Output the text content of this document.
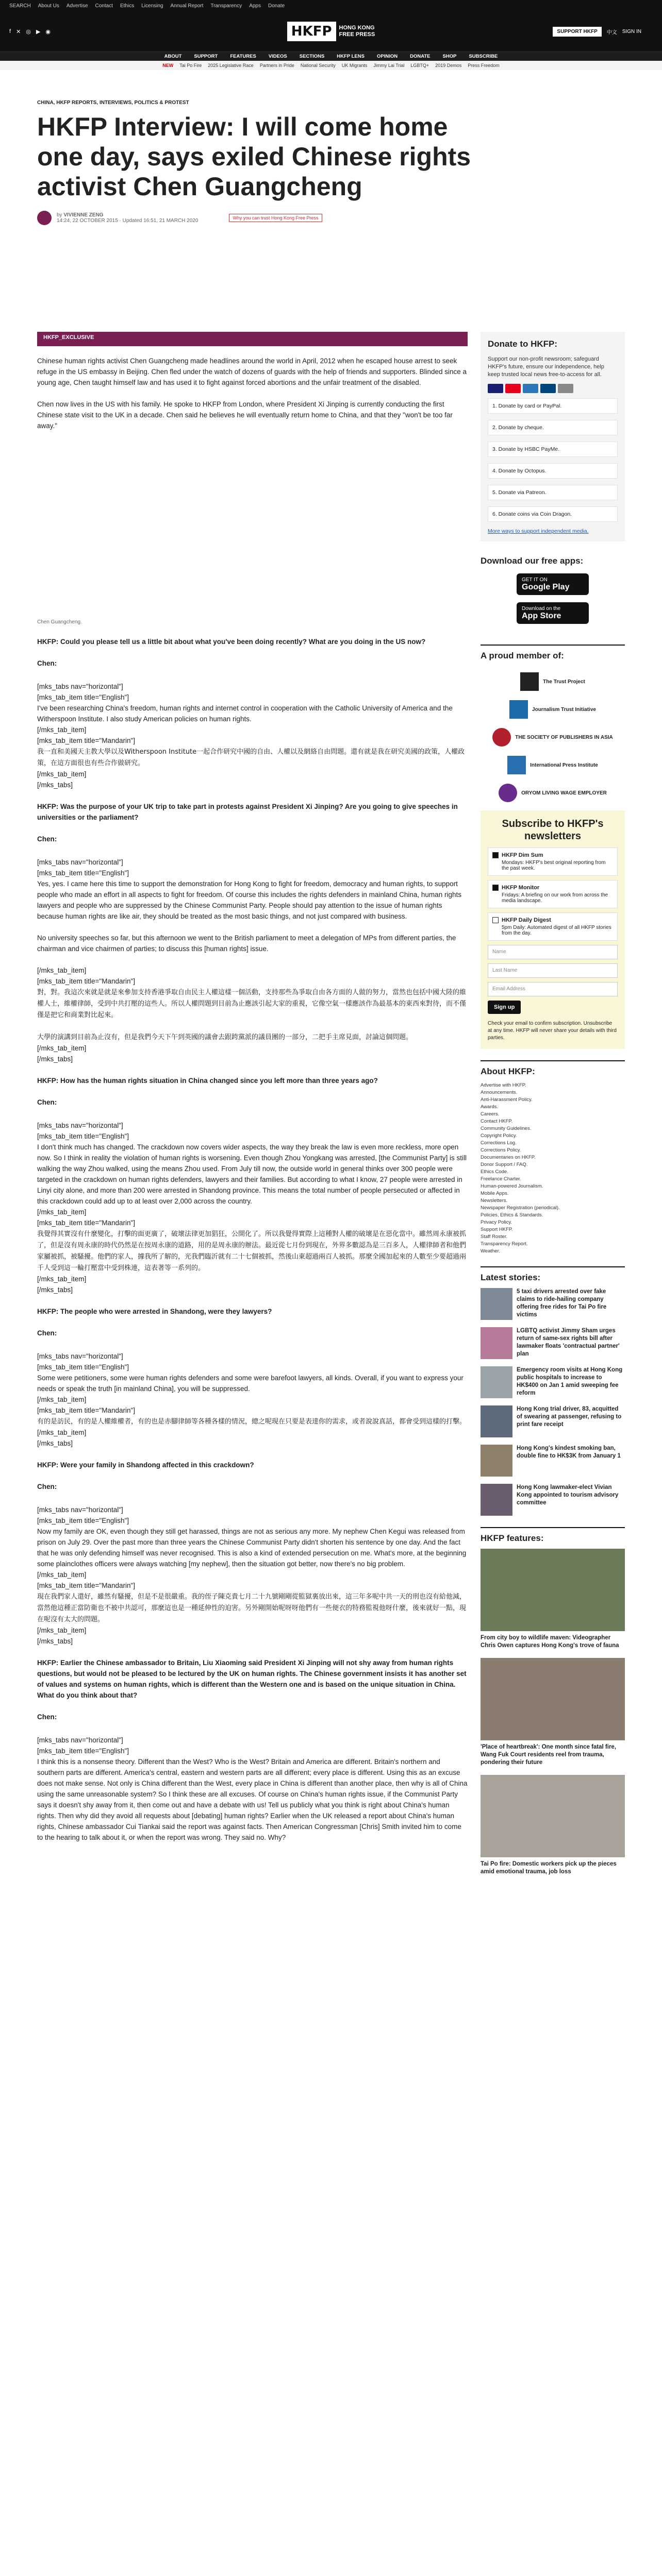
SEARCH About Us Advertise Contact Ethics Licensing Annual Report Transparency Apps Donate
f ✕ ◎ ▶ ◉	HKFP	HONG KONG
FREE PRESS	SUPPORT HKFP	中文 SIGN IN
ABOUT	SUPPORT	FEATURES	VIDEOS	SECTIONS	HKFP LENS	OPINION	DONATE	SHOP	SUBSCRIBE
NEW Tai Po Fire 2025 Legislative Race Partners in Pride National Security UK Migrants Jimmy Lai Trial LGBTQ+ 2019 Demos Press Freedom
CHINA, HKFP REPORTS, INTERVIEWS, POLITICS & PROTEST
HKFP Interview: I will come home one day, says exiled Chinese rights activist Chen Guangcheng
by VIVIENNE ZENG
14:24, 22 OCTOBER 2015 · Updated 16:51, 21 MARCH 2020	Why you can trust Hong Kong Free Press
HKFP_EXCLUSIVE

Chinese human rights activist Chen Guangcheng made headlines around the world in April, 2012 when he escaped house arrest to seek refuge in the US embassy in Beijing. Chen fled under the watch of dozens of guards with the help of friends and supporters. Blinded since a young age, Chen taught himself law and has used it to fight against forced abortions and the unfair treatment of the disabled.

Chen now lives in the US with his family. He spoke to HKFP from London, where President Xi Jinping is currently conducting the first Chinese state visit to the UK in a decade. Chen said he believes he will eventually return home to China, and that they "won't be too far away."

Chen Guangcheng.

HKFP: Could you please tell us a little bit about what you've been doing recently? What are you doing in the US now?

Chen:

[mks_tabs nav="horizontal"]
[mks_tab_item title="English"]
I've been researching China's freedom, human rights and internet control in cooperation with the Catholic University of America and the Witherspoon Institute. I also study American policies on human rights.
[/mks_tab_item]
[mks_tab_item title="Mandarin"]
我一直和美國天主教大學以及Witherspoon Institute一起合作研究中國的自由、人權以及網絡自由問題。還有就是我在研究美國的政策，人權政策，在這方面很也有些合作做研究。
[/mks_tab_item]
[/mks_tabs]

HKFP: Was the purpose of your UK trip to take part in protests against President Xi Jinping? Are you going to give speeches in universities or the parliament?

Chen:

[mks_tabs nav="horizontal"]
[mks_tab_item title="English"]
Yes, yes. I came here this time to support the demonstration for Hong Kong to fight for freedom, democracy and human rights, to support people who made an effort in all aspects to fight for freedom. Of course this includes the rights defenders in mainland China, human rights lawyers and people who are suppressed by the Chinese Communist Party. People should pay attention to the issue of human rights because human rights are like air, they should be treated as the most basic things, and not just compared with business.

No university speeches so far, but this afternoon we went to the British parliament to meet a delegation of MPs from different parties, the chairman and vice chairmen of parties; to discuss this [human rights] issue.

[/mks_tab_item]
[mks_tab_item title="Mandarin"]
對，對。我這次來就是就是來參加支持香港爭取自由民主人權這樣一個活動，支持那些為爭取自由各方面的人做的努力，當然也包括中國大陸的維權人士，維權律師，受到中共打壓的這些人。所以人權問題到目前為止應該引起大家的重視，它像空氣一樣應該作為最基本的東西來對待，而不僅僅是把它和商業對比起來。

大學的演講到目前為止沒有，但是我們今天下午到英國的議會去跟跨黨派的議員團的一部分，二把手主席見面，討論這個問題。
[/mks_tab_item]
[/mks_tabs]

HKFP: How has the human rights situation in China changed since you left more than three years ago?

Chen:

[mks_tabs nav="horizontal"]
[mks_tab_item title="English"]
I don't think much has changed. The crackdown now covers wider aspects, the way they break the law is even more reckless, more open now. So I think in reality the violation of human rights is worsening. Even though Zhou Yongkang was arrested, [the Communist Party] is still walking the way Zhou walked, using the means Zhou used. From July till now, the outside world in general thinks over 300 people were targeted in the crackdown on human rights defenders, lawyers and their families. But according to what I know, 27 people were arrested in Linyi city alone, and more than 200 were arrested in Shandong province. This means the total number of people persecuted or affected in this crackdown could add up to at least over 2,000 across the country.
[/mks_tab_item]
[mks_tab_item title="Mandarin"]
我覺得其實沒有什麼變化，打擊的面更廣了，破壞法律更加猖狂，公開化了。所以我覺得實際上這種對人權的破壞是在惡化當中。雖然周永康被抓了，但是沒有周永康的時代仍然是在按周永康的道路，用的是周永康的辦法。最近從七月份到現在，外界多數認為是三百多人，人權律師者和他們家屬被抓，被騷擾。他們的家人，據我所了解的，光我們臨沂就有二十七個被抓，然後山東超過兩百人被抓。那麼全國加起來的人數至少要超過兩千人受到這一輪打壓當中受到株連，這表著等一系列的。
[/mks_tab_item]
[/mks_tabs]

HKFP: The people who were arrested in Shandong, were they lawyers?

Chen:

[mks_tabs nav="horizontal"]
[mks_tab_item title="English"]
Some were petitioners, some were human rights defenders and some were barefoot lawyers, all kinds. Overall, if you want to express your needs or speak the truth [in mainland China], you will be suppressed.
[/mks_tab_item]
[mks_tab_item title="Mandarin"]
有的是訪民，有的是人權維權者，有的也是赤腳律師等各種各樣的情況，總之呢現在只要是表達你的需求，或者說說真話，都會受到這樣的打擊。
[/mks_tab_item]
[/mks_tabs]

HKFP: Were your family in Shandong affected in this crackdown?

Chen:

[mks_tabs nav="horizontal"]
[mks_tab_item title="English"]
Now my family are OK, even though they still get harassed, things are not as serious any more. My nephew Chen Kegui was released from prison on July 29. Over the past more than three years the Chinese Communist Party didn't shorten his sentence by one day. And the fact that he was only defending himself was never recognised. This is also a kind of extended persecution on me. What's more, at the beginning some plainclothes officers were always watching [my nephew], then the situation got better, now there's no big problem.
[/mks_tab_item]
[mks_tab_item title="Mandarin"]
現在我們家人還好，雖然有騷擾，但是不是很嚴重。我的侄子陳克貴七月二十九號剛剛從監獄裏放出來，這三年多呢中共一天的刑也沒有給他減，當然他這種正當防衛也不被中共認可，那麼這也是一種延伸性的迫害。另外剛開始呢呀呀他們有一些便衣的特務監視他呀什麼，後來就好一點，現在呢沒有太大的問題。
[/mks_tab_item]
[/mks_tabs]

HKFP: Earlier the Chinese ambassador to Britain, Liu Xiaoming said President Xi Jinping will not shy away from human rights questions, but would not be pleased to be lectured by the UK on human rights. The Chinese government insists it has another set of values and systems on human rights, which is different than the Western one and is based on the unique situation in China. What do you think about that?

Chen:

[mks_tabs nav="horizontal"]
[mks_tab_item title="English"]
I think this is a nonsense theory. Different than the West? Who is the West? Britain and America are different. Britain's northern and southern parts are different. America's central, eastern and western parts are all different; every place is different. Using this as an excuse does not make sense. Not only is China different than the West, every place in China is different than another place, then why is all of China using the same unreasonable system? So I think these are all excuses. Of course on China's human rights issue, if the Communist Party says it doesn't shy away from it, then come out and have a debate with us! Tell us publicly what you think is right about China's human rights. Then why did they avoid all requests about [debating] human rights? Earlier when the UK released a report about China's human rights, Chinese ambassador Cui Tiankai said the report was against facts. Then American Congressman [Chris] Smith invited him to come to the hearing to talk about it, or when the report was wrong. They said no. Why?

Donate to HKFP:
Support our non-profit newsroom; safeguard HKFP's future, ensure our independence, help keep trusted local news free-to-access for all.
1. Donate by card or PayPal.
2. Donate by cheque.
3. Donate by HSBC PayMe.
4. Donate by Octopus.
5. Donate via Patreon.
6. Donate coins via Coin Dragon.
More ways to support independent media.
Download our free apps:
GET IT ON
Google Play
Download on the
App Store
A proud member of:
The Trust Project
Journalism Trust Initiative
THE SOCIETY OF PUBLISHERS IN ASIA
International Press Institute
ORYOM LIVING WAGE EMPLOYER
Subscribe to HKFP's newsletters
HKFP Dim Sum
Mondays: HKFP's best original reporting from the past week.
HKFP Monitor
Fridays: A briefing on our work from across the media landscape.
HKFP Daily Digest
5pm Daily: Automated digest of all HKFP stories from the day.
Name
Last Name
Email Address
Sign up
Check your email to confirm subscription. Unsubscribe at any time. HKFP will never share your details with third parties.
About HKFP:
Advertise with HKFP.
Announcements.
Anti-Harassment Policy.
Awards.
Careers.
Contact HKFP.
Community Guidelines.
Copyright Policy.
Corrections Log.
Corrections Policy.
Documentaries on HKFP.
Donor Support / FAQ.
Ethics Code.
Freelance Charter.
Human-powered Journalism.
Mobile Apps.
Newsletters.
Newspaper Registration (periodical).
Policies, Ethics & Standards.
Privacy Policy.
Support HKFP.
Staff Roster.
Transparency Report.
Weather.
Latest stories:
5 taxi drivers arrested over fake claims to ride-hailing company offering free rides for Tai Po fire victims
LGBTQ activist Jimmy Sham urges return of same-sex rights bill after lawmaker floats 'contractual partner' plan
Emergency room visits at Hong Kong public hospitals to increase to HK$400 on Jan 1 amid sweeping fee reform
Hong Kong trial driver, 83, acquitted of swearing at passenger, refusing to print fare receipt
Hong Kong's kindest smoking ban, double fine to HK$3K from January 1
Hong Kong lawmaker-elect Vivian Kong appointed to tourism advisory committee
HKFP features:
From city boy to wildlife maven: Videographer Chris Owen captures Hong Kong's trove of fauna
'Place of heartbreak': One month since fatal fire, Wang Fuk Court residents reel from trauma, pondering their future
Tai Po fire: Domestic workers pick up the pieces amid emotional trauma, job loss
